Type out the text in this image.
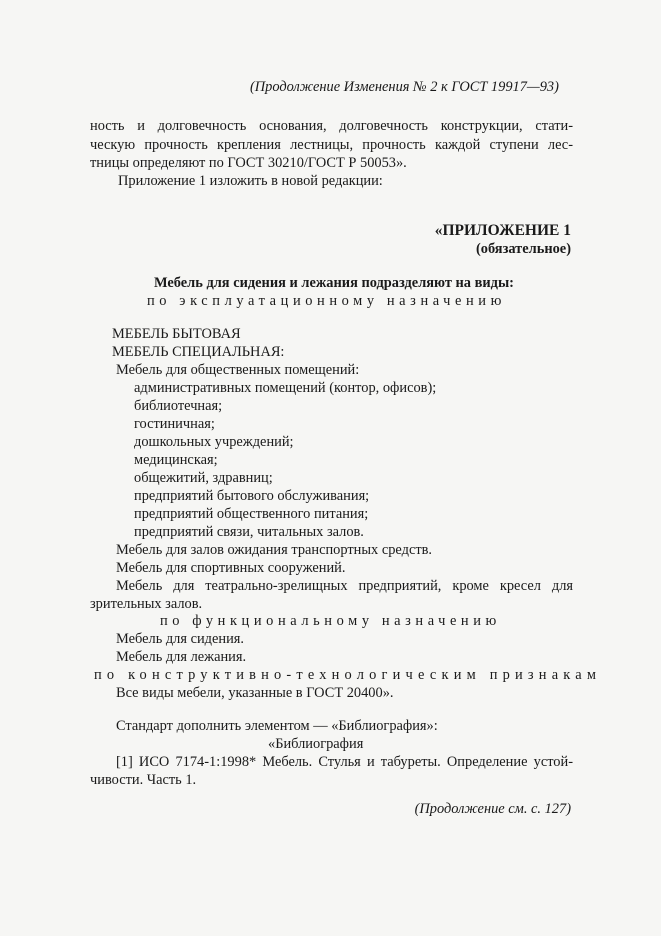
(Продолжение Изменения № 2 к ГОСТ 19917—93)

ность и долговечность основания, долговечность конструкции, стати-

ческую прочность крепления лестницы, прочность каждой ступени лес-

тницы определяют по ГОСТ 30210/ГОСТ Р 50053».

Приложение 1 изложить в новой редакции:

«ПРИЛОЖЕНИЕ 1

(обязательное)

Мебель для сидения и лежания подразделяют на виды:

по эксплуатационному назначению

МЕБЕЛЬ БЫТОВАЯ

МЕБЕЛЬ СПЕЦИАЛЬНАЯ:

Мебель для общественных помещений:

административных помещений (контор, офисов);

библиотечная;

гостиничная;

дошкольных учреждений;

медицинская;

общежитий, здравниц;

предприятий бытового обслуживания;

предприятий общественного питания;

предприятий связи, читальных залов.

Мебель для залов ожидания транспортных средств.

Мебель для спортивных сооружений.

Мебель для театрально-зрелищных предприятий, кроме кресел для

зрительных залов.

по функциональному назначению

Мебель для сидения.

Мебель для лежания.

по конструктивно-технологическим признакам

Все виды мебели, указанные в ГОСТ 20400».

Стандарт дополнить элементом — «Библиография»:

«Библиография

[1] ИСО 7174-1:1998* Мебель. Стулья и табуреты. Определение устой-

чивости. Часть 1.

(Продолжение см. с. 127)
